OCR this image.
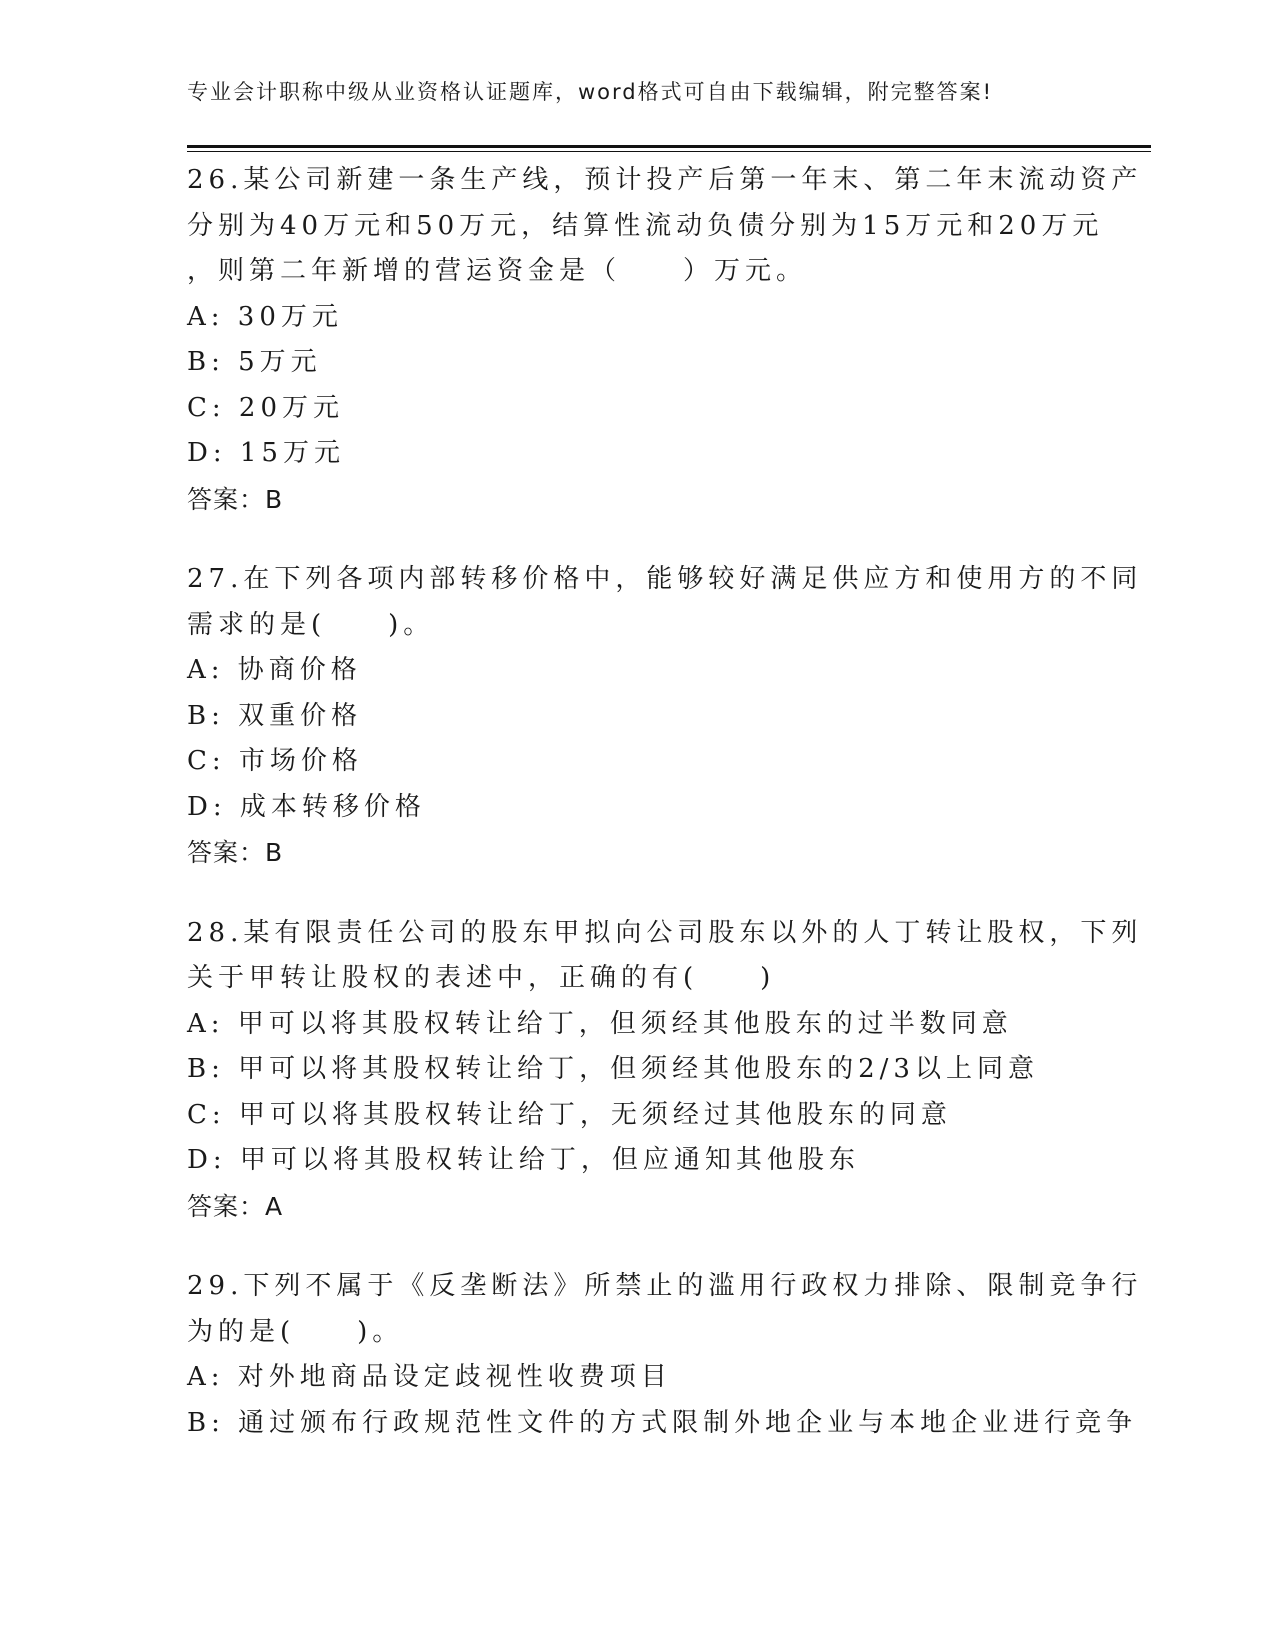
专业会计职称中级从业资格认证题库，word格式可自由下载编辑，附完整答案!
26.某公司新建一条生产线，预计投产后第一年末、第二年末流动资产
分别为40万元和50万元，结算性流动负债分别为15万元和20万元
，则第二年新增的营运资金是（　　）万元。
A: 30万元
B: 5万元
C: 20万元
D: 15万元
答案：B
27.在下列各项内部转移价格中，能够较好满足供应方和使用方的不同
需求的是(　　)。
A: 协商价格
B: 双重价格
C: 市场价格
D: 成本转移价格
答案：B
28.某有限责任公司的股东甲拟向公司股东以外的人丁转让股权，下列
关于甲转让股权的表述中，正确的有(　　)
A: 甲可以将其股权转让给丁，但须经其他股东的过半数同意
B: 甲可以将其股权转让给丁，但须经其他股东的2/3以上同意
C: 甲可以将其股权转让给丁，无须经过其他股东的同意
D: 甲可以将其股权转让给丁，但应通知其他股东
答案：A
29.下列不属于《反垄断法》所禁止的滥用行政权力排除、限制竞争行
为的是(　　)。
A: 对外地商品设定歧视性收费项目
B: 通过颁布行政规范性文件的方式限制外地企业与本地企业进行竞争
